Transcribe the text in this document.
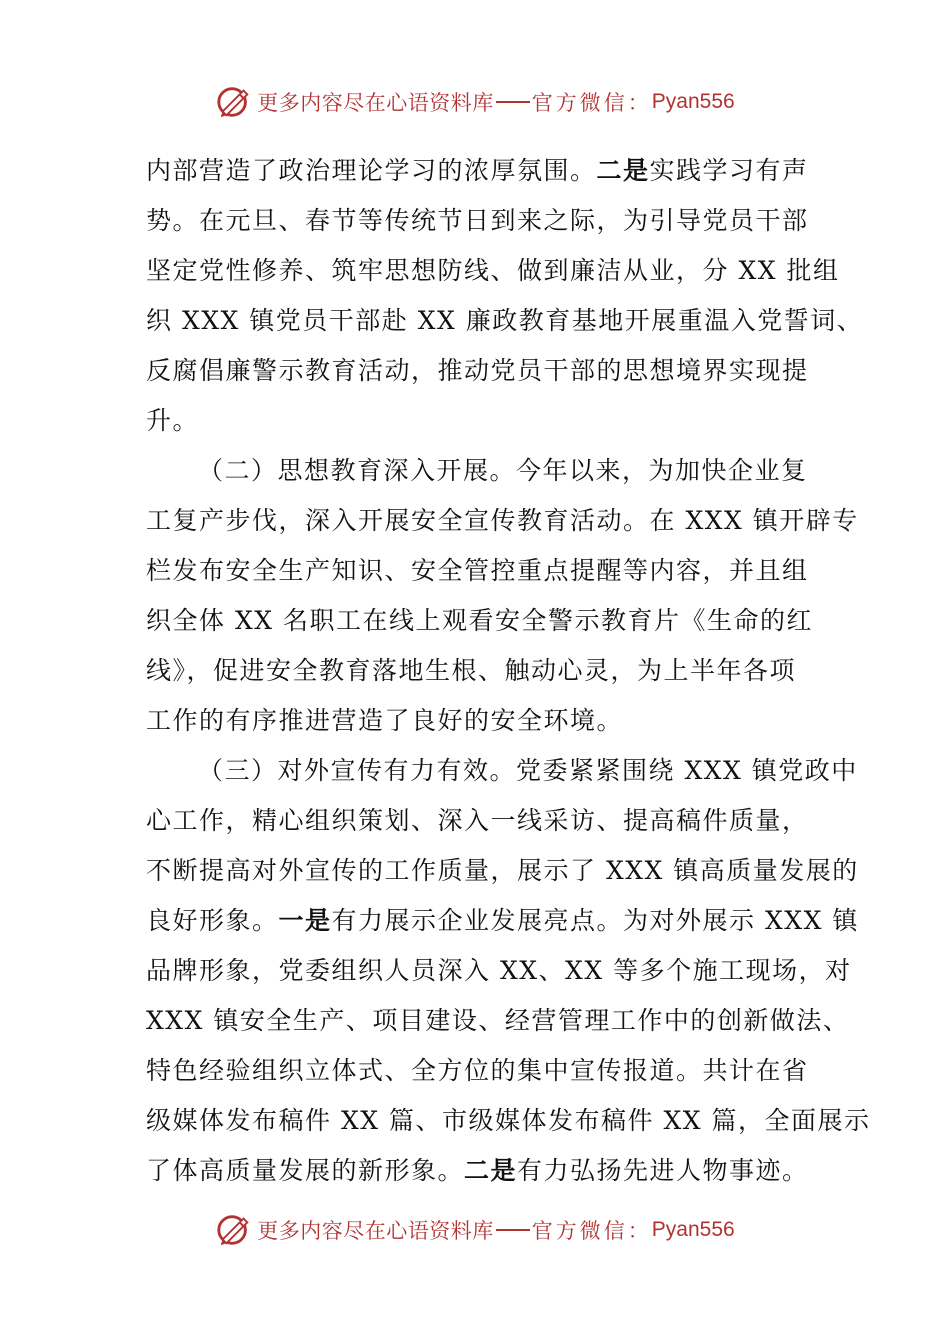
更多内容尽在心语资料库 官方微信： Pyan556
内部营造了政治理论学习的浓厚氛围。二是实践学习有声
势。在元旦、春节等传统节日到来之际，为引导党员干部
坚定党性修养、筑牢思想防线、做到廉洁从业，分 XX 批组
织 XXX 镇党员干部赴 XX 廉政教育基地开展重温入党誓词、
反腐倡廉警示教育活动，推动党员干部的思想境界实现提
升。
（二）思想教育深入开展。今年以来，为加快企业复
工复产步伐，深入开展安全宣传教育活动。在 XXX 镇开辟专
栏发布安全生产知识、安全管控重点提醒等内容，并且组
织全体 XX 名职工在线上观看安全警示教育片《生命的红
线》，促进安全教育落地生根、触动心灵，为上半年各项
工作的有序推进营造了良好的安全环境。
（三）对外宣传有力有效。党委紧紧围绕 XXX 镇党政中
心工作，精心组织策划、深入一线采访、提高稿件质量，
不断提高对外宣传的工作质量，展示了 XXX 镇高质量发展的
良好形象。一是有力展示企业发展亮点。为对外展示 XXX 镇
品牌形象，党委组织人员深入 XX、XX 等多个施工现场，对
XXX 镇安全生产、项目建设、经营管理工作中的创新做法、
特色经验组织立体式、全方位的集中宣传报道。共计在省
级媒体发布稿件 XX 篇、市级媒体发布稿件 XX 篇，全面展示
了体高质量发展的新形象。二是有力弘扬先进人物事迹。
更多内容尽在心语资料库 官方微信： Pyan556
